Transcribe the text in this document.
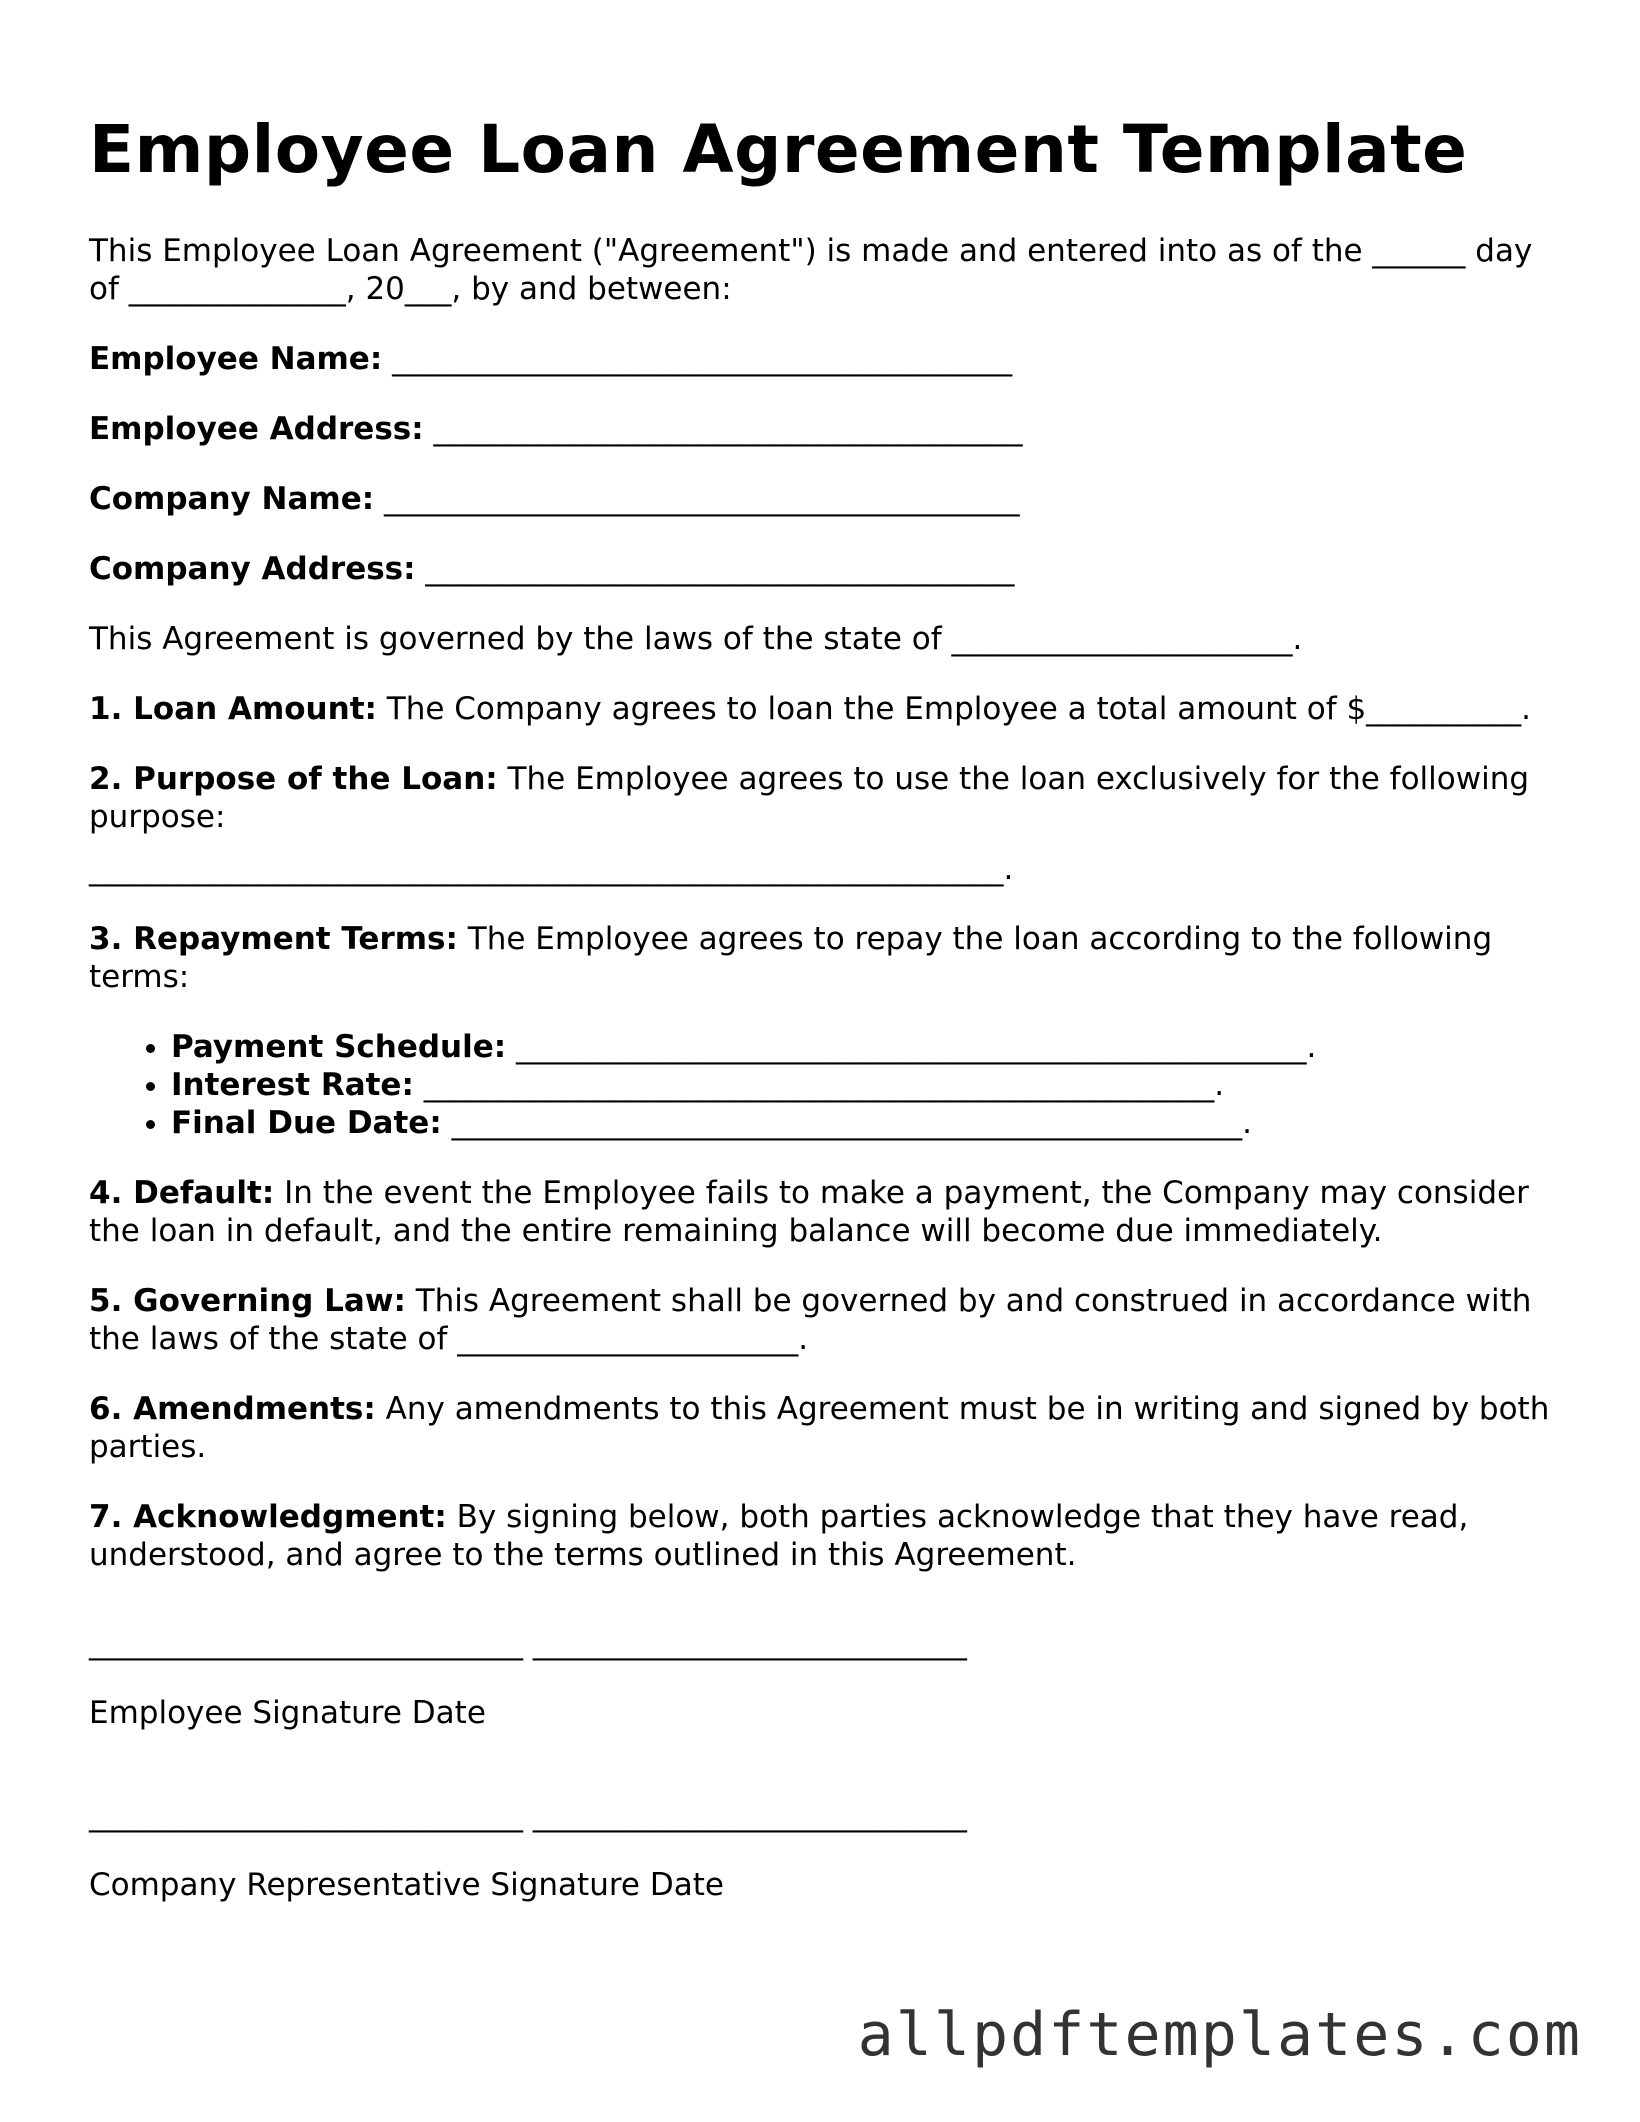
Employee Loan Agreement Template

This Employee Loan Agreement ("Agreement") is made and entered into as of the ______ day of ______________, 20___, by and between:

Employee Name: ________________________________________
Employee Address: ______________________________________
Company Name: _________________________________________
Company Address: ______________________________________

This Agreement is governed by the laws of the state of ______________________.

1. Loan Amount: The Company agrees to loan the Employee a total amount of $__________.

2. Purpose of the Loan: The Employee agrees to use the loan exclusively for the following purpose:

___________________________________________________________.

3. Repayment Terms: The Employee agrees to repay the loan according to the following terms:

• Payment Schedule: ___________________________________________________.
• Interest Rate: ___________________________________________________.
• Final Due Date: ___________________________________________________.

4. Default: In the event the Employee fails to make a payment, the Company may consider the loan in default, and the entire remaining balance will become due immediately.

5. Governing Law: This Agreement shall be governed by and construed in accordance with the laws of the state of ______________________.

6. Amendments: Any amendments to this Agreement must be in writing and signed by both parties.

7. Acknowledgment: By signing below, both parties acknowledge that they have read, understood, and agree to the terms outlined in this Agreement.

____________________________ ____________________________
Employee Signature Date
____________________________ ____________________________
Company Representative Signature Date
allpdftemplates.com
